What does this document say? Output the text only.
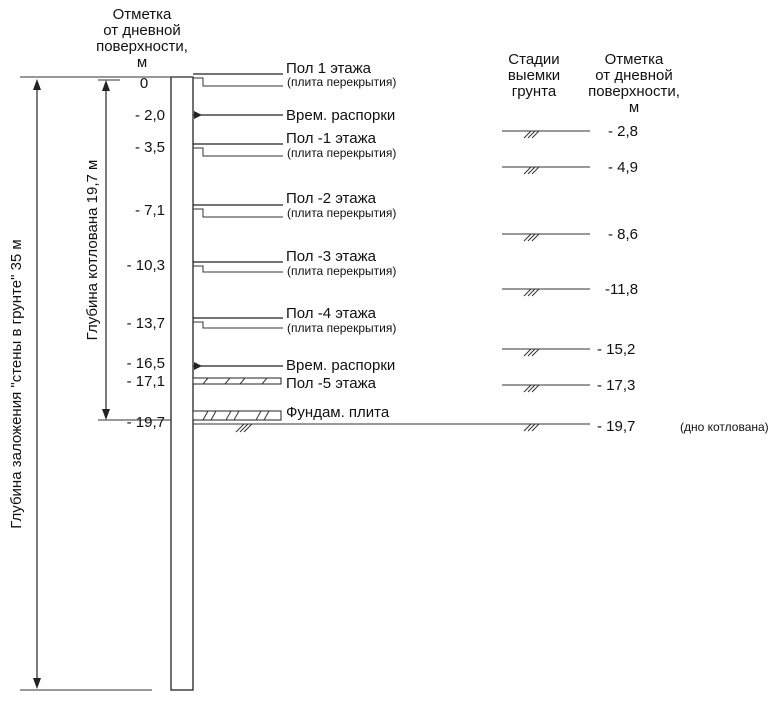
Отметка
от дневной
поверхности,
м	Стадии
выемки
грунта
Отметка
от дневной
поверхности,
м
Глубина заложения "стены в грунте" 35 м	Глубина котлована 19,7 м
0
- 2,0
- 3,5
- 7,1
- 10,3
- 13,7
- 16,5
- 17,1
- 19,7
Пол 1 этажа
(плита перекрытия)
Врем. распорки
Пол -1 этажа
(плита перекрытия)
Пол -2 этажа
(плита перекрытия)
Пол -3 этажа
(плита перекрытия)
Пол -4 этажа
(плита перекрытия)
Врем. распорки
Пол -5 этажа
Фундам. плита
- 2,8
- 4,9
- 8,6
-11,8
- 15,2
- 17,3
- 19,7	(дно котлована)
